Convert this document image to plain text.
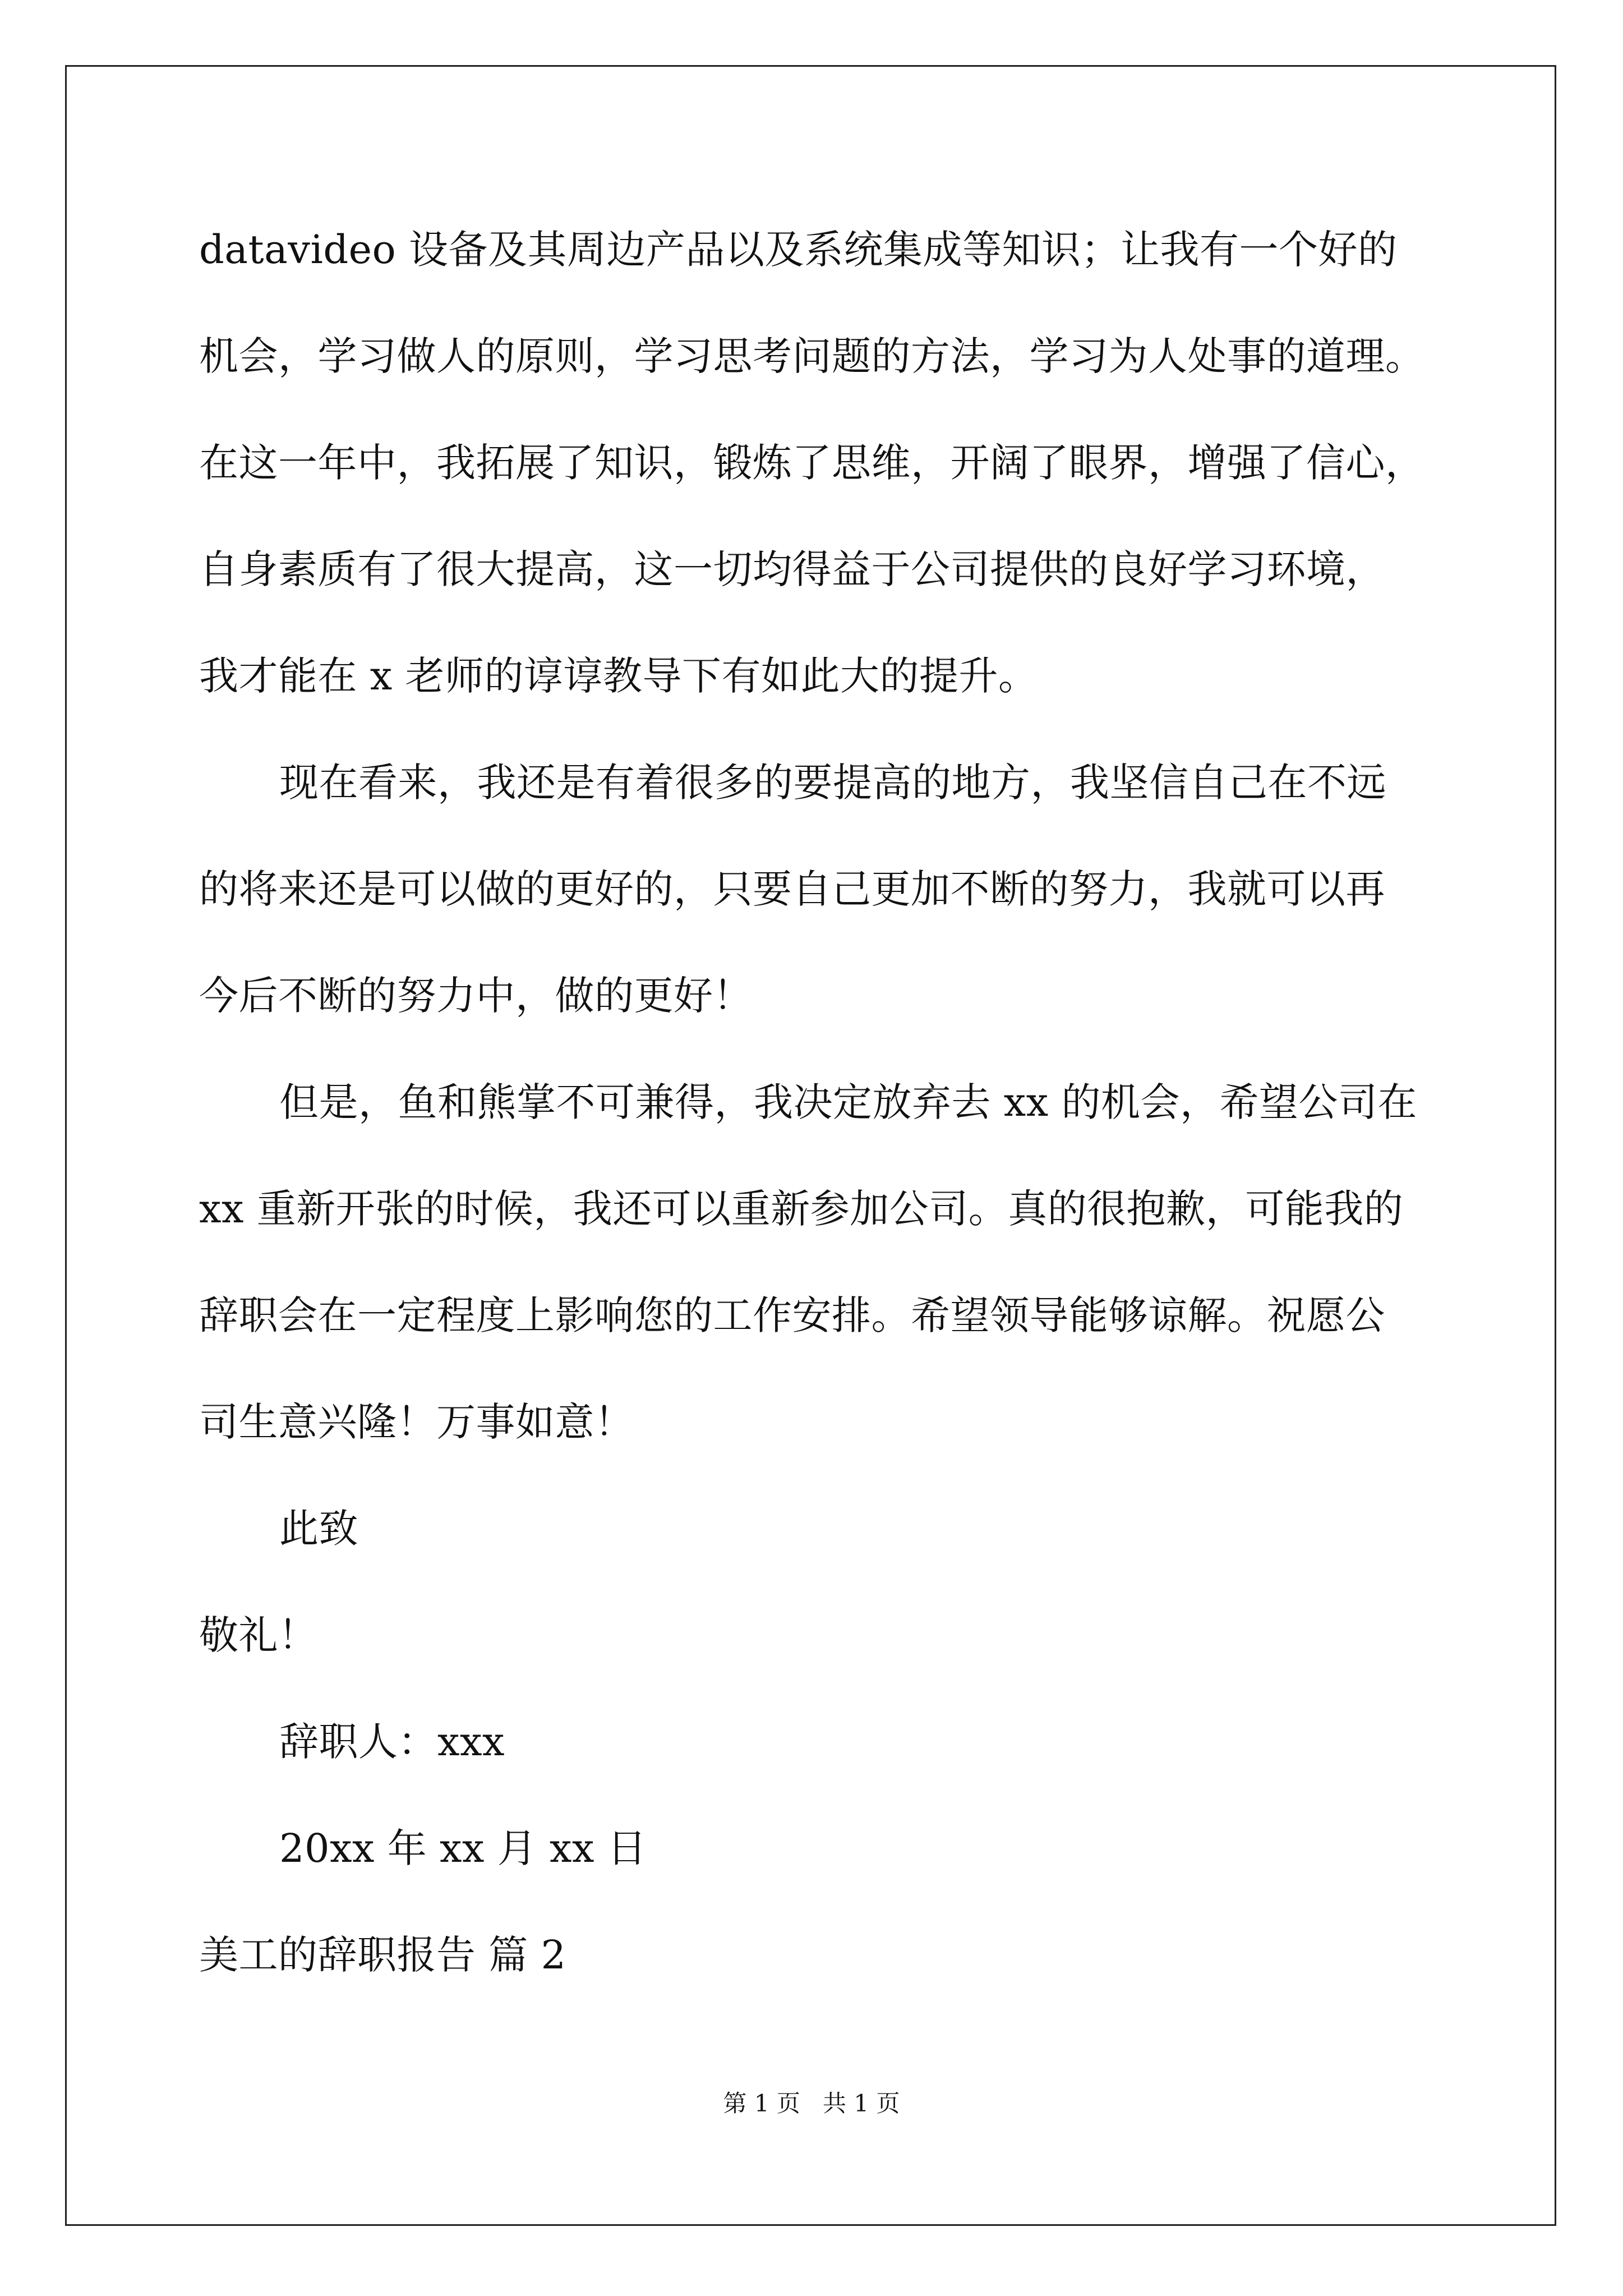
datavideo 设备及其周边产品以及系统集成等知识；让我有一个好的
机会，学习做人的原则，学习思考问题的方法，学习为人处事的道理。
在这一年中，我拓展了知识，锻炼了思维，开阔了眼界，增强了信心，
自身素质有了很大提高，这一切均得益于公司提供的良好学习环境，
我才能在 x 老师的谆谆教导下有如此大的提升。
现在看来，我还是有着很多的要提高的地方，我坚信自己在不远
的将来还是可以做的更好的，只要自己更加不断的努力，我就可以再
今后不断的努力中，做的更好！
但是，鱼和熊掌不可兼得，我决定放弃去 xx 的机会，希望公司在
xx 重新开张的时候，我还可以重新参加公司。真的很抱歉，可能我的
辞职会在一定程度上影响您的工作安排。希望领导能够谅解。祝愿公
司生意兴隆！万事如意！
此致
敬礼！
辞职人：xxx
20xx 年 xx 月 xx 日
美工的辞职报告 篇 2
第 1 页   共 1 页
